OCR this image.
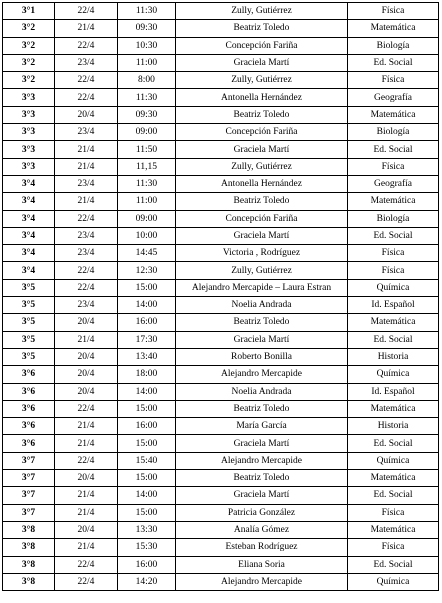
3°1	22/4	11:30	Zully, Gutiérrez	Física
3°2	21/4	09:30	Beatriz Toledo	Matemática
3°2	22/4	10:30	Concepción Fariña	Biología
3°2	23/4	11:00	Graciela Martí	Ed. Social
3°2	22/4	8:00	Zully, Gutiérrez	Física
3°3	22/4	11:30	Antonella Hernández	Geografía
3°3	20/4	09:30	Beatriz Toledo	Matemática
3°3	23/4	09:00	Concepción Fariña	Biología
3°3	21/4	11:50	Graciela Martí	Ed. Social
3°3	21/4	11,15	Zully, Gutiérrez	Física
3°4	23/4	11:30	Antonella Hernández	Geografía
3°4	21/4	11:00	Beatriz Toledo	Matemática
3°4	22/4	09:00	Concepción Fariña	Biología
3°4	23/4	10:00	Graciela Martí	Ed. Social
3°4	23/4	14:45	Victoria , Rodríguez	Física
3°4	22/4	12:30	Zully, Gutiérrez	Física
3°5	22/4	15:00	Alejandro Mercapide – Laura Estran	Química
3°5	23/4	14:00	Noelia Andrada	Id. Español
3°5	20/4	16:00	Beatriz Toledo	Matemática
3°5	21/4	17:30	Graciela Martí	Ed. Social
3°5	20/4	13:40	Roberto Bonilla	Historia
3°6	20/4	18:00	Alejandro Mercapide	Química
3°6	20/4	14:00	Noelia Andrada	Id. Español
3°6	22/4	15:00	Beatriz Toledo	Matemática
3°6	21/4	16:00	María García	Historia
3°6	21/4	15:00	Graciela Martí	Ed. Social
3°7	22/4	15:40	Alejandro Mercapide	Química
3°7	20/4	15:00	Beatriz Toledo	Matemática
3°7	21/4	14:00	Graciela Martí	Ed. Social
3°7	21/4	15:00	Patricia González	Física
3°8	20/4	13:30	Analía Gómez	Matemática
3°8	21/4	15:30	Esteban Rodríguez	Física
3°8	22/4	16:00	Eliana Soria	Ed. Social
3°8	22/4	14:20	Alejandro Mercapide	Química
